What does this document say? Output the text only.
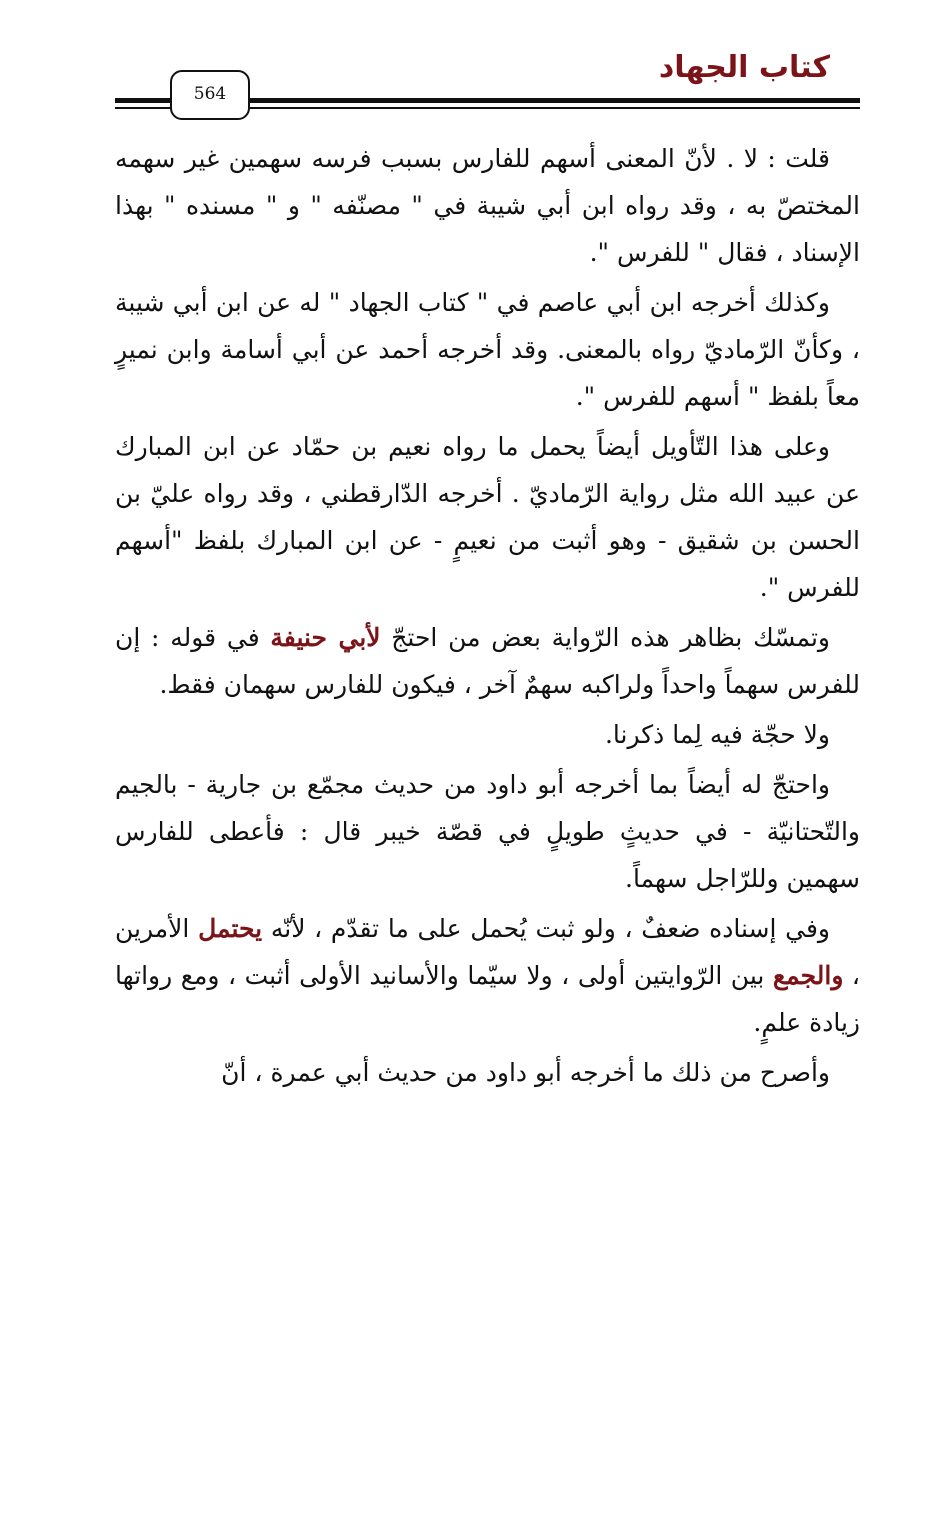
كتاب الجهاد
564

قلت : لا . لأنّ المعنى أسهم للفارس بسبب فرسه سهمين غير سهمه المختصّ به ، وقد رواه ابن أبي شيبة في " مصنّفه " و " مسنده " بهذا الإسناد ، فقال " للفرس ".

وكذلك أخرجه ابن أبي عاصم في " كتاب الجهاد " له عن ابن أبي شيبة ، وكأنّ الرّماديّ رواه بالمعنى. وقد أخرجه أحمد عن أبي أسامة وابن نميرٍ معاً بلفظ " أسهم للفرس ".

وعلى هذا التّأويل أيضاً يحمل ما رواه نعيم بن حمّاد عن ابن المبارك عن عبيد الله مثل رواية الرّماديّ . أخرجه الدّارقطني ، وقد رواه عليّ بن الحسن بن شقيق - وهو أثبت من نعيمٍ - عن ابن المبارك بلفظ "أسهم للفرس ".

وتمسّك بظاهر هذه الرّواية بعض من احتجّ لأبي حنيفة في قوله : إن للفرس سهماً واحداً ولراكبه سهمٌ آخر ، فيكون للفارس سهمان فقط.

ولا حجّة فيه لِما ذكرنا.

واحتجّ له أيضاً بما أخرجه أبو داود من حديث مجمّع بن جارية - بالجيم والتّحتانيّة - في حديثٍ طويلٍ في قصّة خيبر قال : فأعطى للفارس سهمين وللرّاجل سهماً.

وفي إسناده ضعفٌ ، ولو ثبت يُحمل على ما تقدّم ، لأنّه يحتمل الأمرين ، والجمع بين الرّوايتين أولى ، ولا سيّما والأسانيد الأولى أثبت ، ومع رواتها زيادة علمٍ.

وأصرح من ذلك ما أخرجه أبو داود من حديث أبي عمرة ، أنّ
